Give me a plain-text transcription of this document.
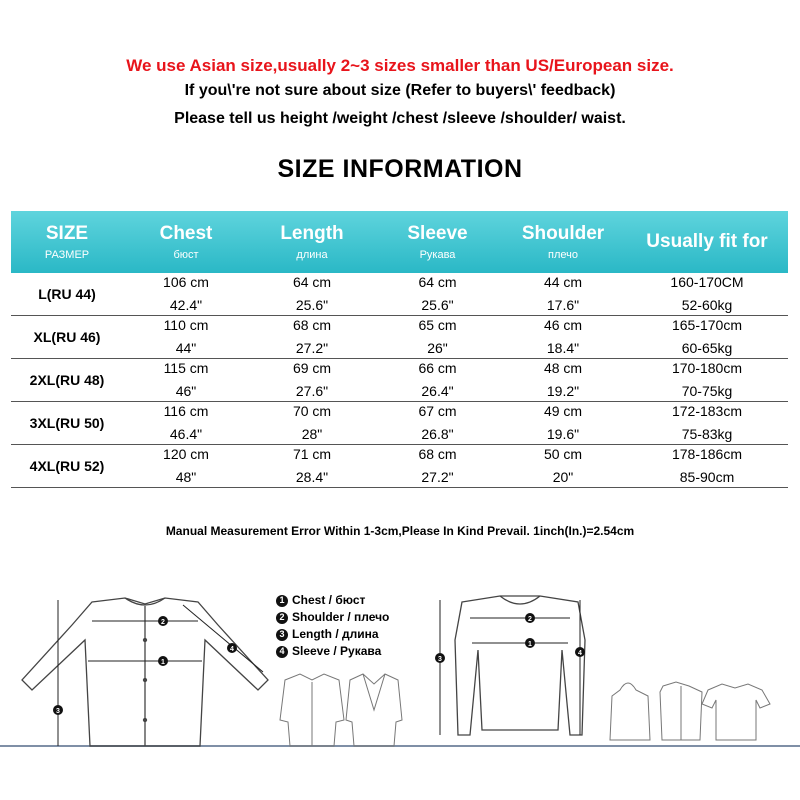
We use Asian size,usually 2~3 sizes smaller than US/European size.
If you\'re not sure about size (Refer to buyers\' feedback)
Please tell us height /weight /chest /sleeve /shoulder/ waist.
SIZE INFORMATION
SIZE
РАЗМЕР
Chest
бюст
Length
длина
Sleeve
Рукава
Shoulder
плечо
Usually fit for
L(RU 44)
106 cm
42.4"
64 cm
25.6"
64 cm
25.6"
44 cm
17.6"
160-170CM
52-60kg
XL(RU 46)
110 cm
44"
68 cm
27.2"
65 cm
26"
46 cm
18.4"
165-170cm
60-65kg
2XL(RU 48)
115 cm
46"
69 cm
27.6"
66 cm
26.4"
48 cm
19.2"
170-180cm
70-75kg
3XL(RU 50)
116 cm
46.4"
70 cm
28"
67 cm
26.8"
49 cm
19.6"
172-183cm
75-83kg
4XL(RU 52)
120 cm
48"
71 cm
28.4"
68 cm
27.2"
50 cm
20"
178-186cm
85-90cm
Manual Measurement Error Within 1-3cm,Please In Kind Prevail. 1inch(In.)=2.54cm
2
1
3
4
2
1
3
4
1 Chest / бюст
2 Shoulder / плечо
3 Length / длина
4 Sleeve / Рукава
